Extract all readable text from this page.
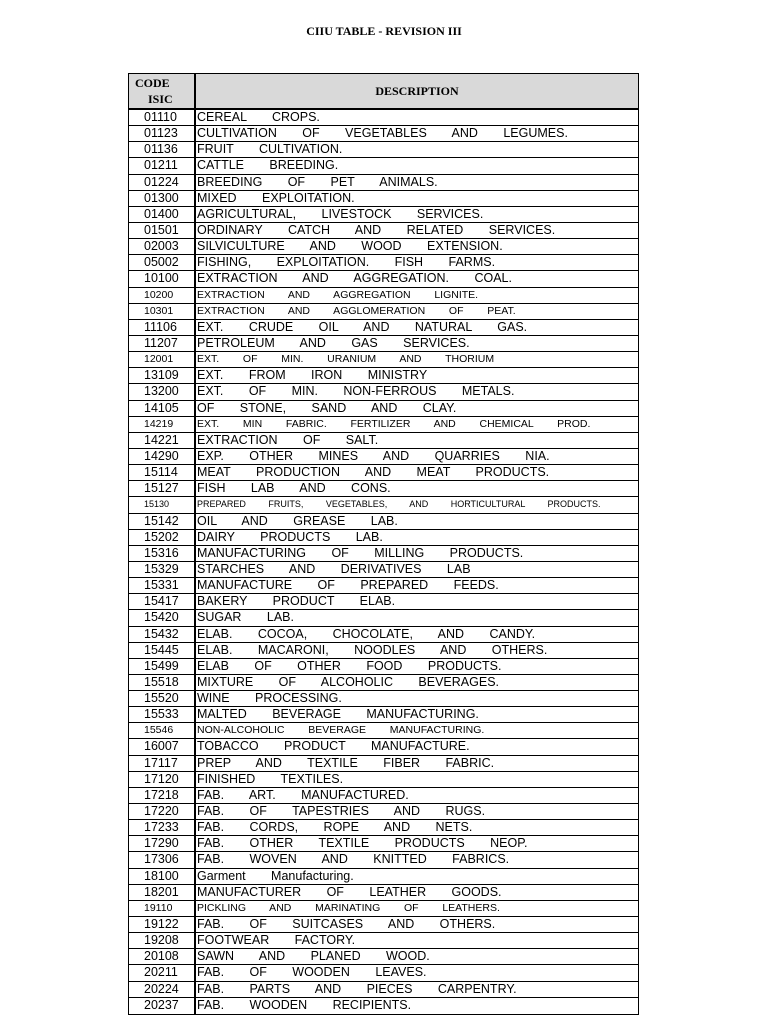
CIIU TABLE - REVISION III
CODE
ISIC
DESCRIPTION
01110	CEREAL   CROPS.
01123	CULTIVATION   OF   VEGETABLES   AND   LEGUMES.
01136	FRUIT   CULTIVATION.
01211	CATTLE   BREEDING.
01224	BREEDING   OF   PET   ANIMALS.
01300	MIXED   EXPLOITATION.
01400	AGRICULTURAL,   LIVESTOCK   SERVICES.
01501	ORDINARY   CATCH   AND   RELATED   SERVICES.
02003	SILVICULTURE   AND   WOOD   EXTENSION.
05002	FISHING,   EXPLOITATION.   FISH   FARMS.
10100	EXTRACTION   AND   AGGREGATION.   COAL.
10200	EXTRACTION   AND   AGGREGATION   LIGNITE.
10301	EXTRACTION   AND   AGGLOMERATION   OF   PEAT.
11106	EXT.   CRUDE   OIL   AND   NATURAL   GAS.
11207	PETROLEUM   AND   GAS   SERVICES.
12001	EXT.   OF   MIN.   URANIUM   AND   THORIUM
13109	EXT.   FROM   IRON   MINISTRY
13200	EXT.   OF   MIN.   NON-FERROUS   METALS.
14105	OF   STONE,   SAND   AND   CLAY.
14219	EXT.   MIN   FABRIC.   FERTILIZER   AND   CHEMICAL   PROD.
14221	EXTRACTION   OF   SALT.
14290	EXP.   OTHER   MINES   AND   QUARRIES   NIA.
15114	MEAT   PRODUCTION   AND   MEAT   PRODUCTS.
15127	FISH   LAB   AND   CONS.
15130	PREPARED   FRUITS,   VEGETABLES,   AND   HORTICULTURAL   PRODUCTS.
15142	OIL   AND   GREASE   LAB.
15202	DAIRY   PRODUCTS   LAB.
15316	MANUFACTURING   OF   MILLING   PRODUCTS.
15329	STARCHES   AND   DERIVATIVES   LAB
15331	MANUFACTURE   OF   PREPARED   FEEDS.
15417	BAKERY   PRODUCT   ELAB.
15420	SUGAR   LAB.
15432	ELAB.   COCOA,   CHOCOLATE,   AND   CANDY.
15445	ELAB.   MACARONI,   NOODLES   AND   OTHERS.
15499	ELAB   OF   OTHER   FOOD   PRODUCTS.
15518	MIXTURE   OF   ALCOHOLIC   BEVERAGES.
15520	WINE   PROCESSING.
15533	MALTED   BEVERAGE   MANUFACTURING.
15546	NON-ALCOHOLIC   BEVERAGE   MANUFACTURING.
16007	TOBACCO   PRODUCT   MANUFACTURE.
17117	PREP   AND   TEXTILE   FIBER   FABRIC.
17120	FINISHED   TEXTILES.
17218	FAB.   ART.   MANUFACTURED.
17220	FAB.   OF   TAPESTRIES   AND   RUGS.
17233	FAB.   CORDS,   ROPE   AND   NETS.
17290	FAB.   OTHER   TEXTILE   PRODUCTS   NEOP.
17306	FAB.   WOVEN   AND   KNITTED   FABRICS.
18100	Garment   Manufacturing.
18201	MANUFACTURER   OF   LEATHER   GOODS.
19110	PICKLING   AND   MARINATING   OF   LEATHERS.
19122	FAB.   OF   SUITCASES   AND   OTHERS.
19208	FOOTWEAR   FACTORY.
20108	SAWN   AND   PLANED   WOOD.
20211	FAB.   OF   WOODEN   LEAVES.
20224	FAB.   PARTS   AND   PIECES   CARPENTRY.
20237	FAB.   WOODEN   RECIPIENTS.
